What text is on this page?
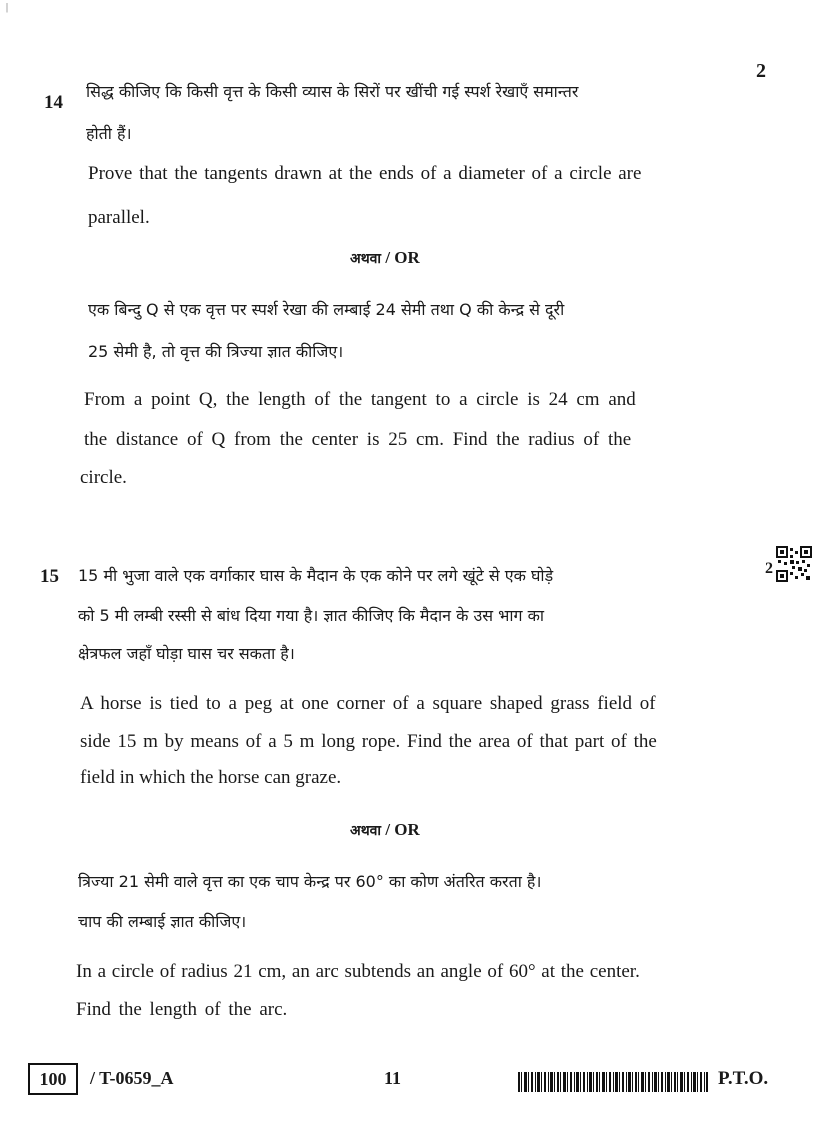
|
2
14
सिद्ध कीजिए कि किसी वृत्त के किसी व्यास के सिरों पर खींची गई स्पर्श रेखाएँ समान्तर
होती हैं।
Prove that the tangents drawn at the ends of a diameter of a circle are
parallel.
अथवा / OR
एक बिन्दु Q से एक वृत्त पर स्पर्श रेखा की लम्बाई 24 सेमी तथा Q की केन्द्र से दूरी
25 सेमी है, तो वृत्त की त्रिज्या ज्ञात कीजिए।
From a point Q, the length of the tangent to a circle is 24 cm and
the distance of Q from the center is 25 cm. Find the radius of the
circle.
15 15 मी भुजा वाले एक वर्गाकार घास के मैदान के एक कोने पर लगे खूंटे से एक घोड़े
को 5 मी लम्बी रस्सी से बांध दिया गया है। ज्ञात कीजिए कि मैदान के उस भाग का
क्षेत्रफल जहाँ घोड़ा घास चर सकता है।
A horse is tied to a peg at one corner of a square shaped grass field of
side 15 m by means of a 5 m long rope. Find the area of that part of the
field in which the horse can graze.
अथवा / OR
त्रिज्या 21 सेमी वाले वृत्त का एक चाप केन्द्र पर 60° का कोण अंतरित करता है।
चाप की लम्बाई ज्ञात कीजिए।
In a circle of radius 21 cm, an arc subtends an angle of 60° at the center.
Find the length of the arc.
2
100	/ T-0659_A	11	P.T.O.
